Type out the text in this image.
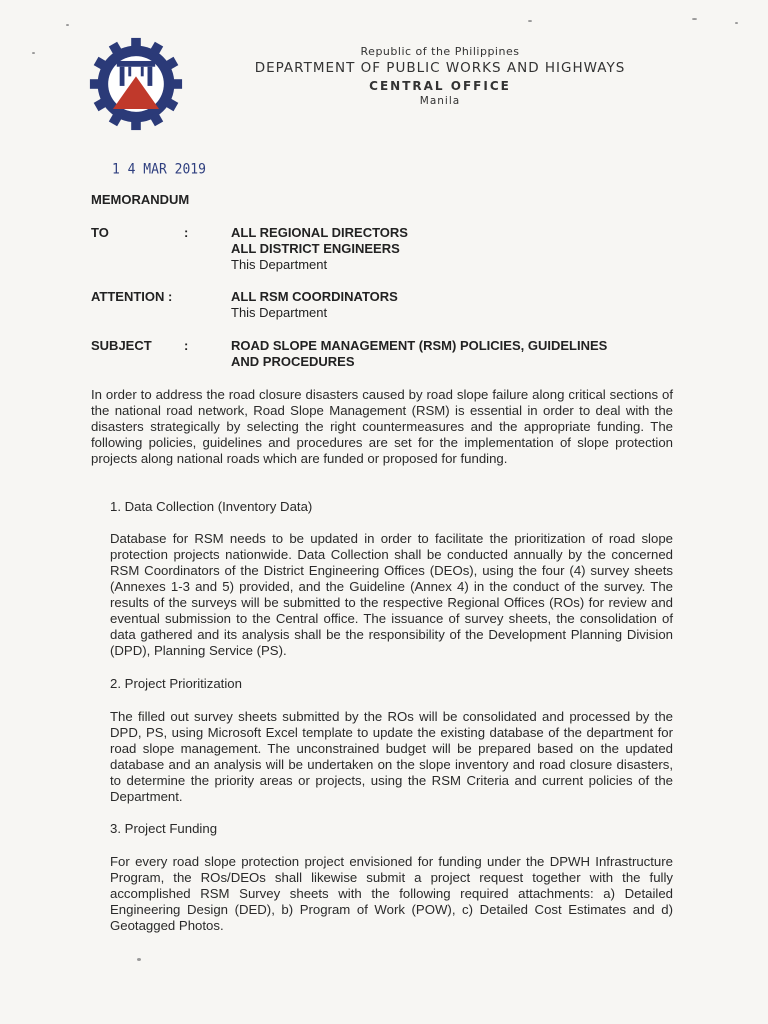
Republic of the Philippines
DEPARTMENT OF PUBLIC WORKS AND HIGHWAYS
CENTRAL OFFICE
Manila
1 4 MAR 2019
MEMORANDUM
TO	:	ALL REGIONAL DIRECTORS
ALL DISTRICT ENGINEERS
This Department
ATTENTION :	ALL RSM COORDINATORS
This Department
SUBJECT :	ROAD SLOPE MANAGEMENT (RSM) POLICIES, GUIDELINES
AND PROCEDURES
In order to address the road closure disasters caused by road slope failure along critical sections of the national road network, Road Slope Management (RSM) is essential in order to deal with the disasters strategically by selecting the right countermeasures and the appropriate funding. The following policies, guidelines and procedures are set for the implementation of slope protection projects along national roads which are funded or proposed for funding.
1. Data Collection (Inventory Data)
Database for RSM needs to be updated in order to facilitate the prioritization of road slope protection projects nationwide. Data Collection shall be conducted annually by the concerned RSM Coordinators of the District Engineering Offices (DEOs), using the four (4) survey sheets (Annexes 1-3 and 5) provided, and the Guideline (Annex 4) in the conduct of the survey. The results of the surveys will be submitted to the respective Regional Offices (ROs) for review and eventual submission to the Central office. The issuance of survey sheets, the consolidation of data gathered and its analysis shall be the responsibility of the Development Planning Division (DPD), Planning Service (PS).
2. Project Prioritization
The filled out survey sheets submitted by the ROs will be consolidated and processed by the DPD, PS, using Microsoft Excel template to update the existing database of the department for road slope management. The unconstrained budget will be prepared based on the updated database and an analysis will be undertaken on the slope inventory and road closure disasters, to determine the priority areas or projects, using the RSM Criteria and current policies of the Department.
3. Project Funding
For every road slope protection project envisioned for funding under the DPWH Infrastructure Program, the ROs/DEOs shall likewise submit a project request together with the fully accomplished RSM Survey sheets with the following required attachments: a) Detailed Engineering Design (DED), b) Program of Work (POW), c) Detailed Cost Estimates and d) Geotagged Photos.
